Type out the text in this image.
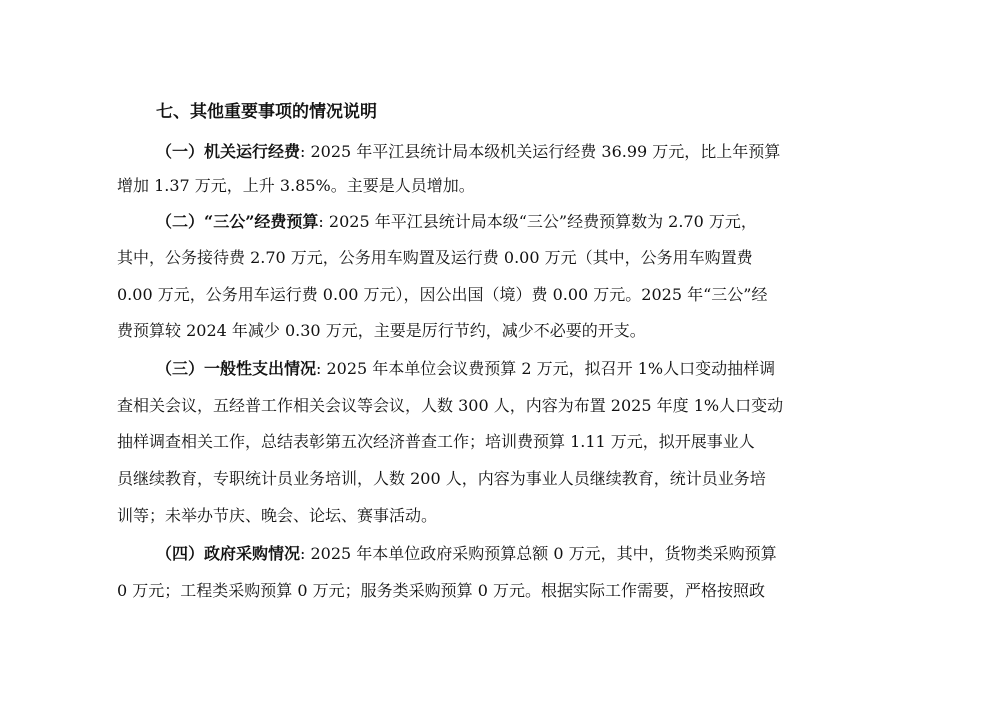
七、其他重要事项的情况说明

（一）机关运行经费: 2025 年平江县统计局本级机关运行经费 36.99 万元，比上年预算

增加 1.37 万元，上升 3.85%。主要是人员增加。

（二）“三公”经费预算: 2025 年平江县统计局本级“三公”经费预算数为 2.70 万元，

其中，公务接待费 2.70 万元，公务用车购置及运行费 0.00 万元（其中，公务用车购置费

0.00 万元，公务用车运行费 0.00 万元），因公出国（境）费 0.00 万元。2025 年“三公”经

费预算较 2024 年减少 0.30 万元，主要是厉行节约，减少不必要的开支。

（三）一般性支出情况: 2025 年本单位会议费预算 2 万元，拟召开 1%人口变动抽样调

查相关会议，五经普工作相关会议等会议，人数 300 人，内容为布置 2025 年度 1%人口变动

抽样调查相关工作，总结表彰第五次经济普查工作；培训费预算 1.11 万元，拟开展事业人

员继续教育，专职统计员业务培训，人数 200 人，内容为事业人员继续教育，统计员业务培

训等；未举办节庆、晚会、论坛、赛事活动。

（四）政府采购情况: 2025 年本单位政府采购预算总额 0 万元，其中，货物类采购预算

0 万元；工程类采购预算 0 万元；服务类采购预算 0 万元。根据实际工作需要，严格按照政
